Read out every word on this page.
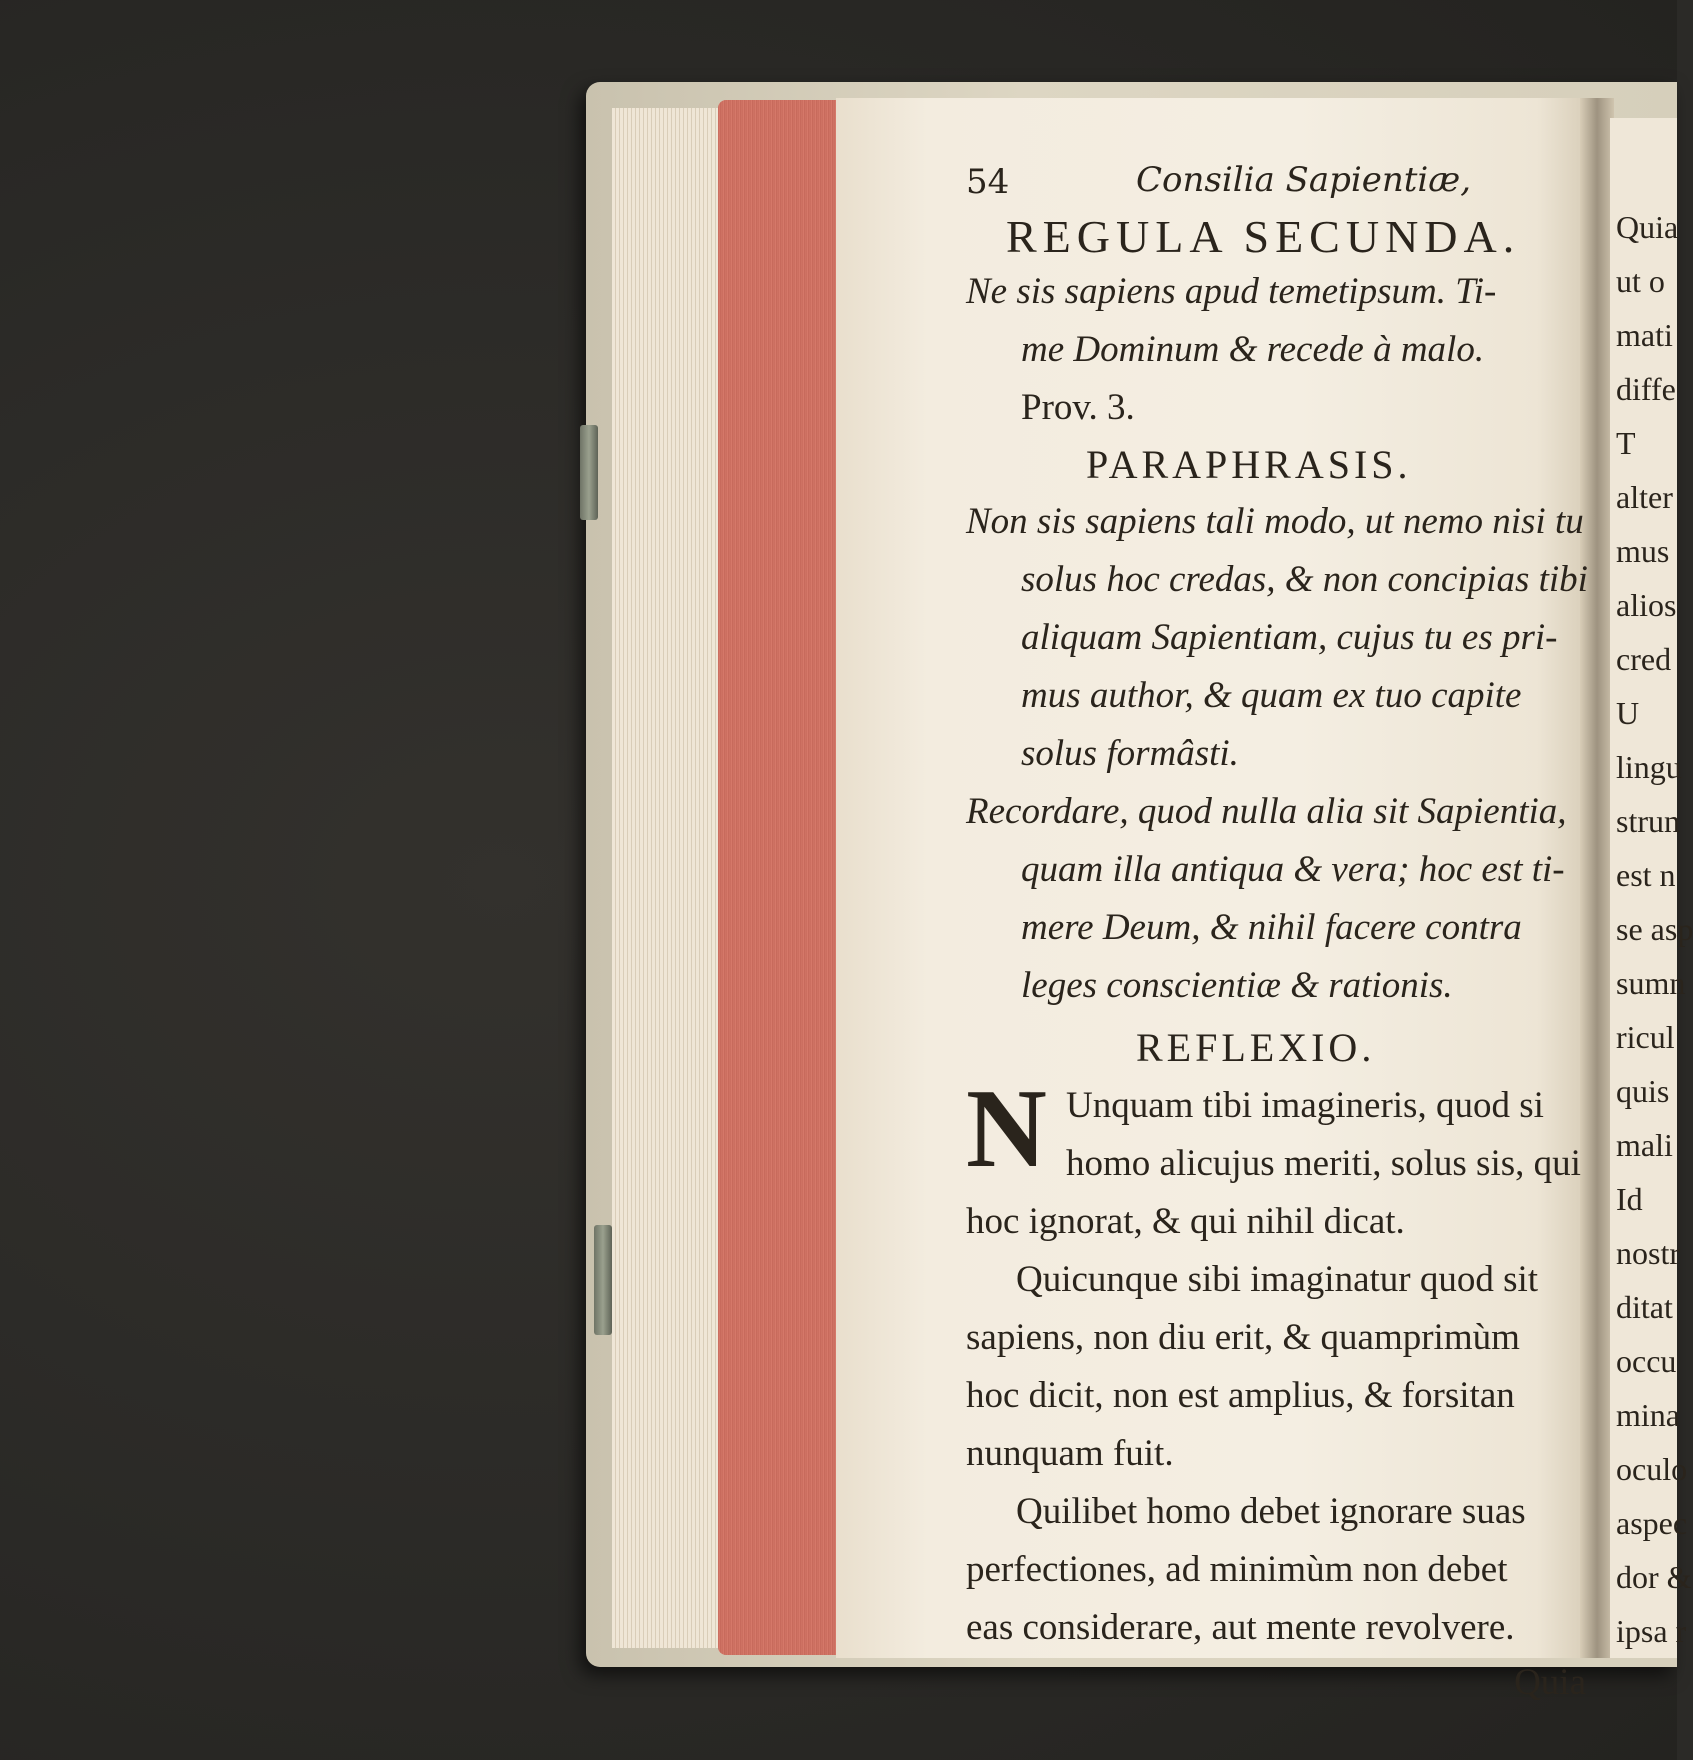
54	Consilia Sapientiæ,
REGULA SECUNDA.
Ne sis sapiens apud temetipsum. Ti-
me Dominum & recede à malo.
Prov. 3.
PARAPHRASIS.
Non sis sapiens tali modo, ut nemo nisi tu
solus hoc credas, & non concipias tibi
aliquam Sapientiam, cujus tu es pri-
mus author, & quam ex tuo capite
solus formâsti.
Recordare, quod nulla alia sit Sapientia,
quam illa antiqua & vera; hoc est ti-
mere Deum, & nihil facere contra
leges conscientiæ & rationis.
REFLEXIO.
N Unquam tibi imagineris, quod si
homo alicujus meriti, solus sis, qui
hoc ignorat, & qui nihil dicat.
Quicunque sibi imaginatur quod sit
sapiens, non diu erit, & quamprimùm
hoc dicit, non est amplius, & forsitan
nunquam fuit.
Quilibet homo debet ignorare suas
perfectiones, ad minimùm non debet
eas considerare, aut mente revolvere.
Quia
Quia
ut o
mati
diffe
T
alter
mus
alios
cred
U
lingu
strun
est n
se asp
sumn
ricul
quis
mali
Id
nostr
ditat
occu
mina
oculo
aspec
dor &
ipsa r
